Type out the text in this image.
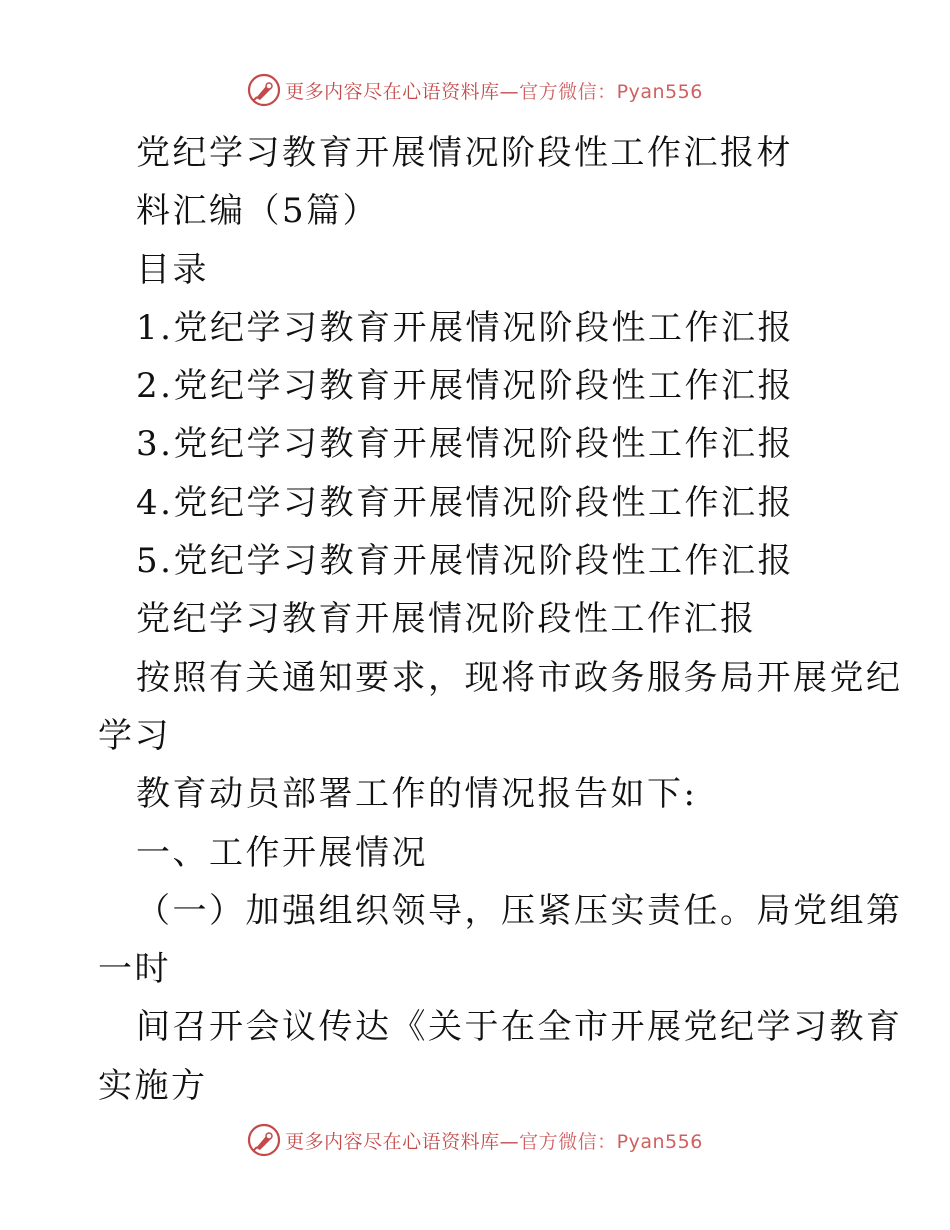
更多内容尽在心语资料库—官方微信：Pyan556
党纪学习教育开展情况阶段性工作汇报材
料汇编（5篇）
目录
1.党纪学习教育开展情况阶段性工作汇报
2.党纪学习教育开展情况阶段性工作汇报
3.党纪学习教育开展情况阶段性工作汇报
4.党纪学习教育开展情况阶段性工作汇报
5.党纪学习教育开展情况阶段性工作汇报
党纪学习教育开展情况阶段性工作汇报
按照有关通知要求，现将市政务服务局开展党纪
学习
教育动员部署工作的情况报告如下:
一、工作开展情况
（一）加强组织领导，压紧压实责任。局党组第
一时
间召开会议传达《关于在全市开展党纪学习教育
实施方
更多内容尽在心语资料库—官方微信：Pyan556
